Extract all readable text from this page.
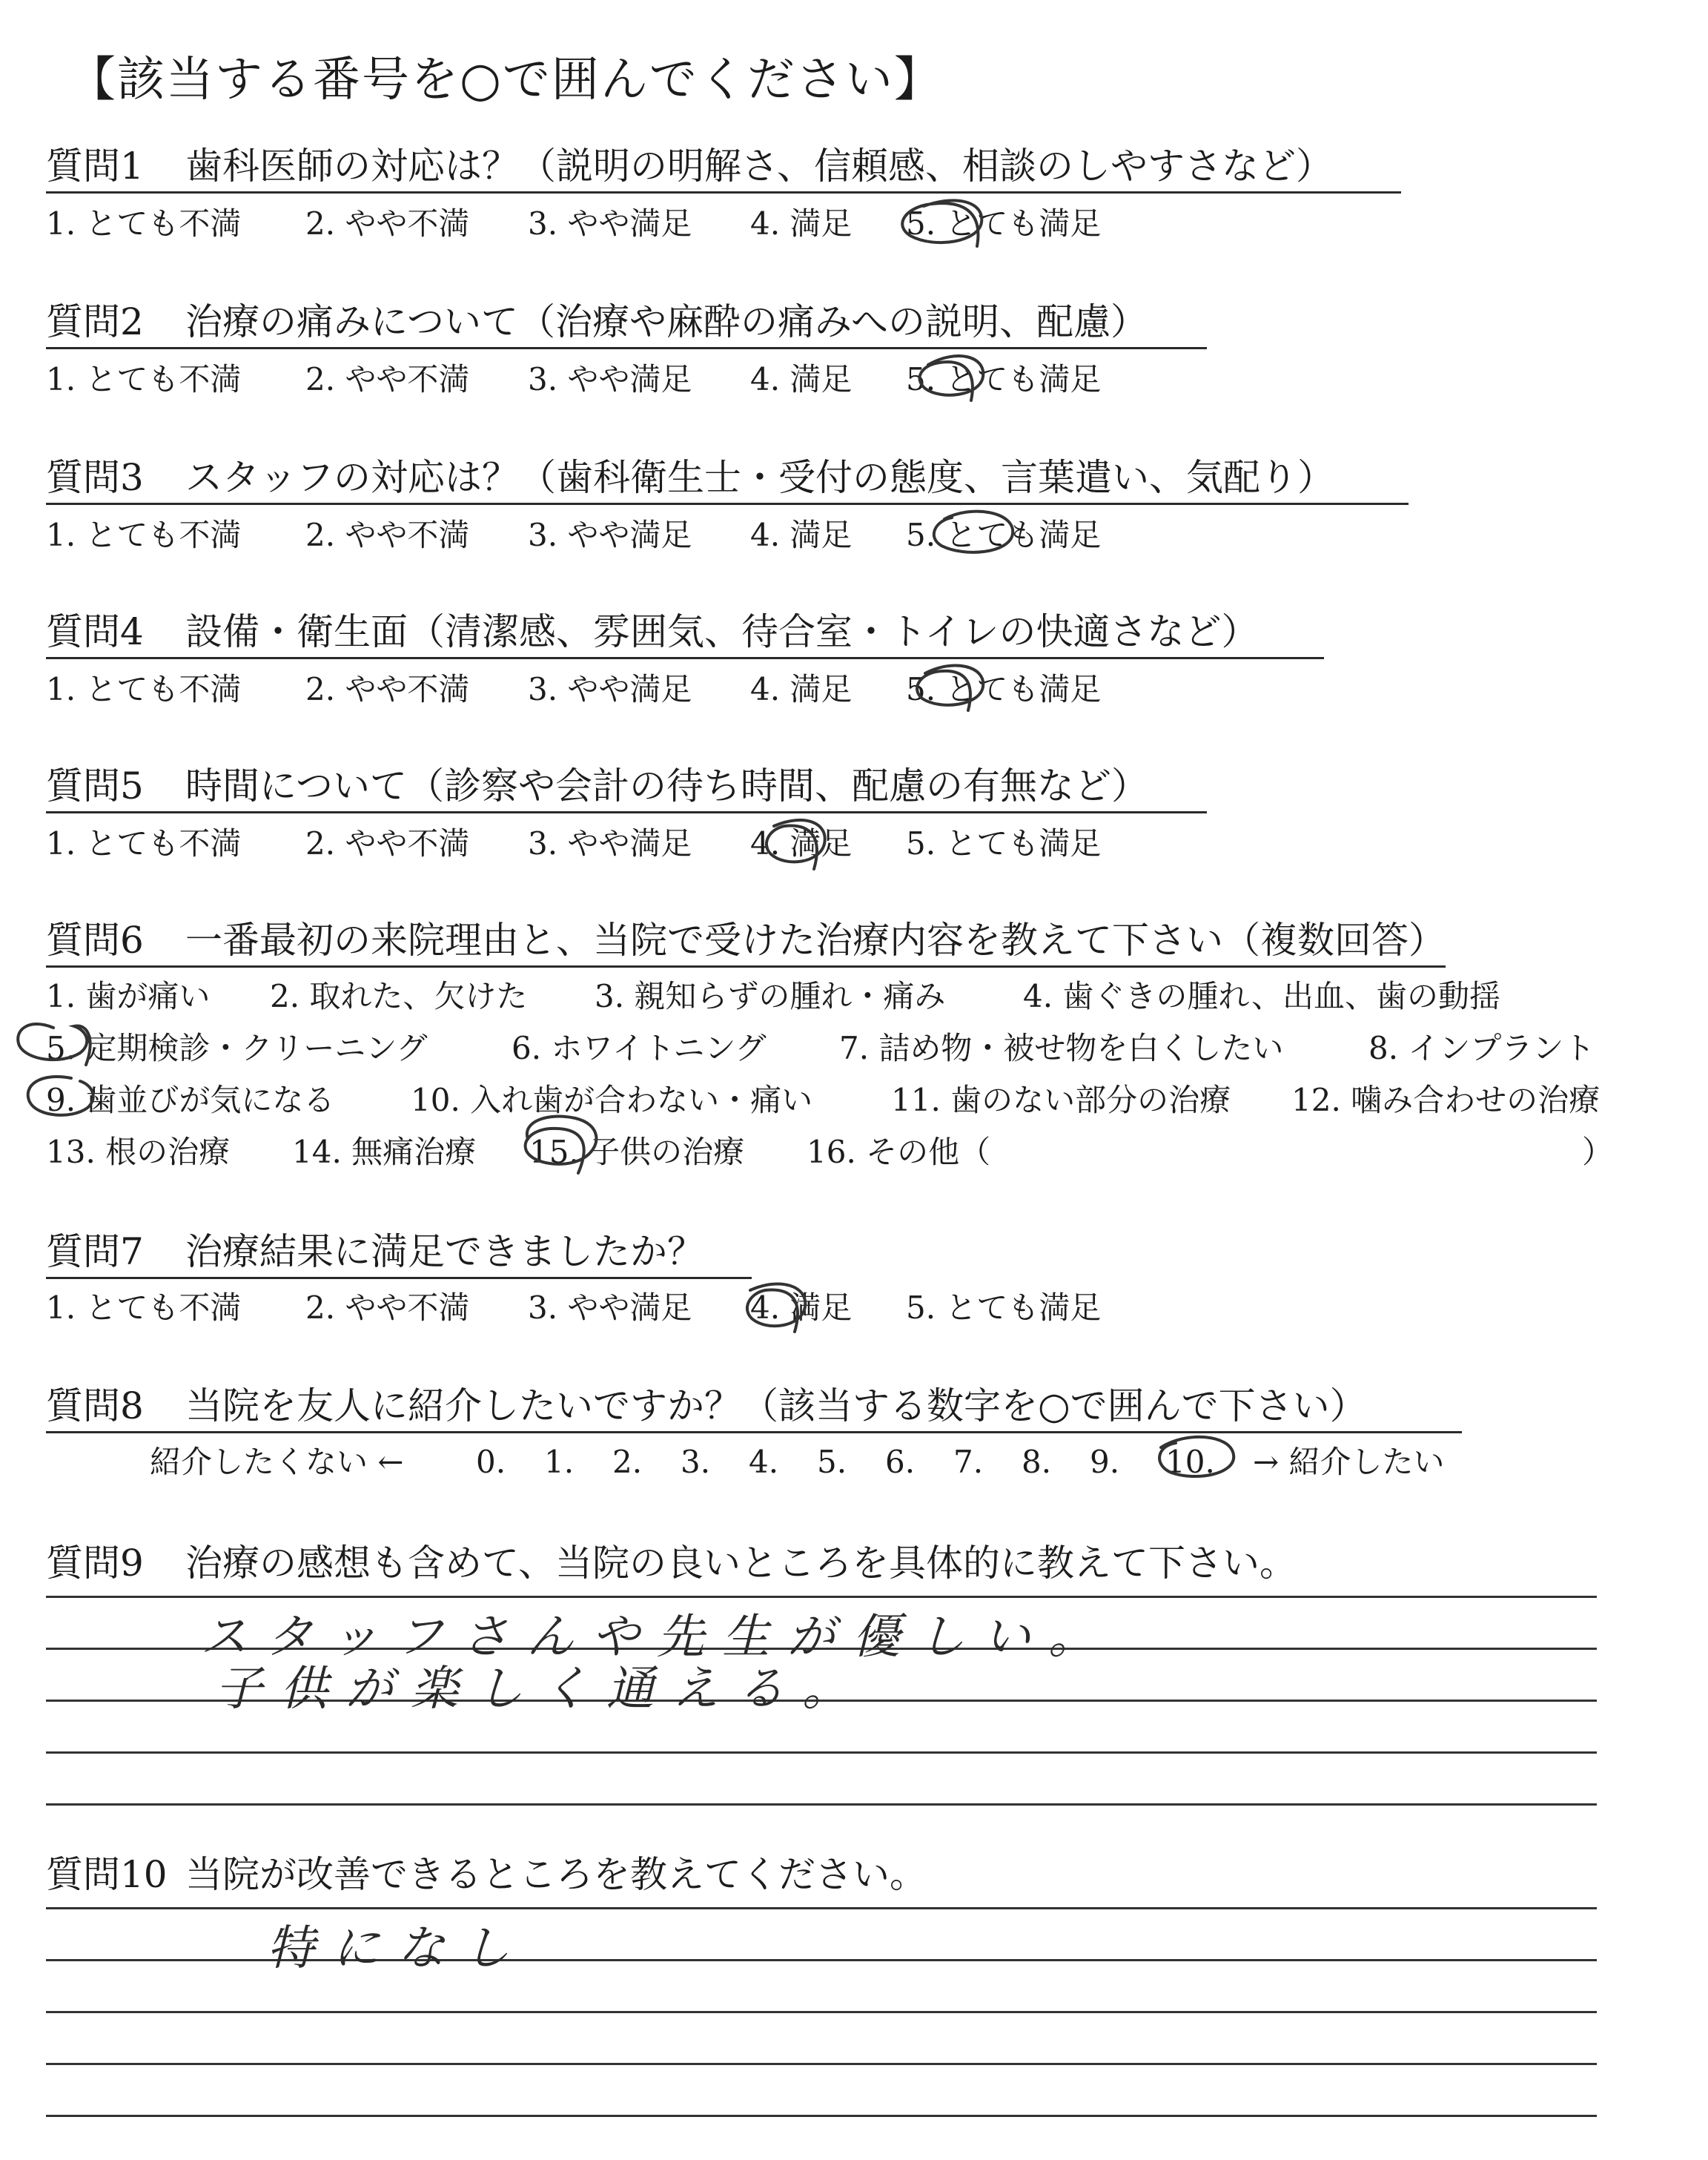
【該当する番号を○で囲んでください】
質問1 歯科医師の対応は？（説明の明解さ、信頼感、相談のしやすさなど）
1. とても不満 2. やや不満 3. やや満足 4. 満足 5. とても満足
質問2 治療の痛みについて（治療や麻酔の痛みへの説明、配慮）
1. とても不満 2. やや不満 3. やや満足 4. 満足 5. とても満足
質問3 スタッフの対応は？（歯科衛生士・受付の態度、言葉遣い、気配り）
1. とても不満 2. やや不満 3. やや満足 4. 満足 5. とても満足
質問4 設備・衛生面（清潔感、雰囲気、待合室・トイレの快適さなど）
1. とても不満 2. やや不満 3. やや満足 4. 満足 5. とても満足
質問5 時間について（診察や会計の待ち時間、配慮の有無など）
1. とても不満 2. やや不満 3. やや満足 4. 満足 5. とても満足
質問6 一番最初の来院理由と、当院で受けた治療内容を教えて下さい（複数回答）
1. 歯が痛い 2. 取れた、欠けた 3. 親知らずの腫れ・痛み 4. 歯ぐきの腫れ、出血、歯の動揺
5. 定期検診・クリーニング	6. ホワイトニング 7. 詰め物・被せ物を白くしたい	8. インプラント
9. 歯並びが気になる 10. 入れ歯が合わない・痛い	11. 歯のない部分の治療 12. 噛み合わせの治療
13. 根の治療 14. 無痛治療 15. 子供の治療 16. その他（	）
質問7 治療結果に満足できましたか？
1. とても不満 2. やや不満 3. やや満足 4. 満足 5. とても満足
質問8 当院を友人に紹介したいですか？（該当する数字を○で囲んで下さい）
紹介したくない ← 0. 1. 2. 3. 4. 5. 6. 7. 8. 9. 10. → 紹介したい
質問9 治療の感想も含めて、当院の良いところを具体的に教えて下さい。
スタッフさんや先生が優しい。
子供が楽しく通える。
質問10 当院が改善できるところを教えてください。
特になし
